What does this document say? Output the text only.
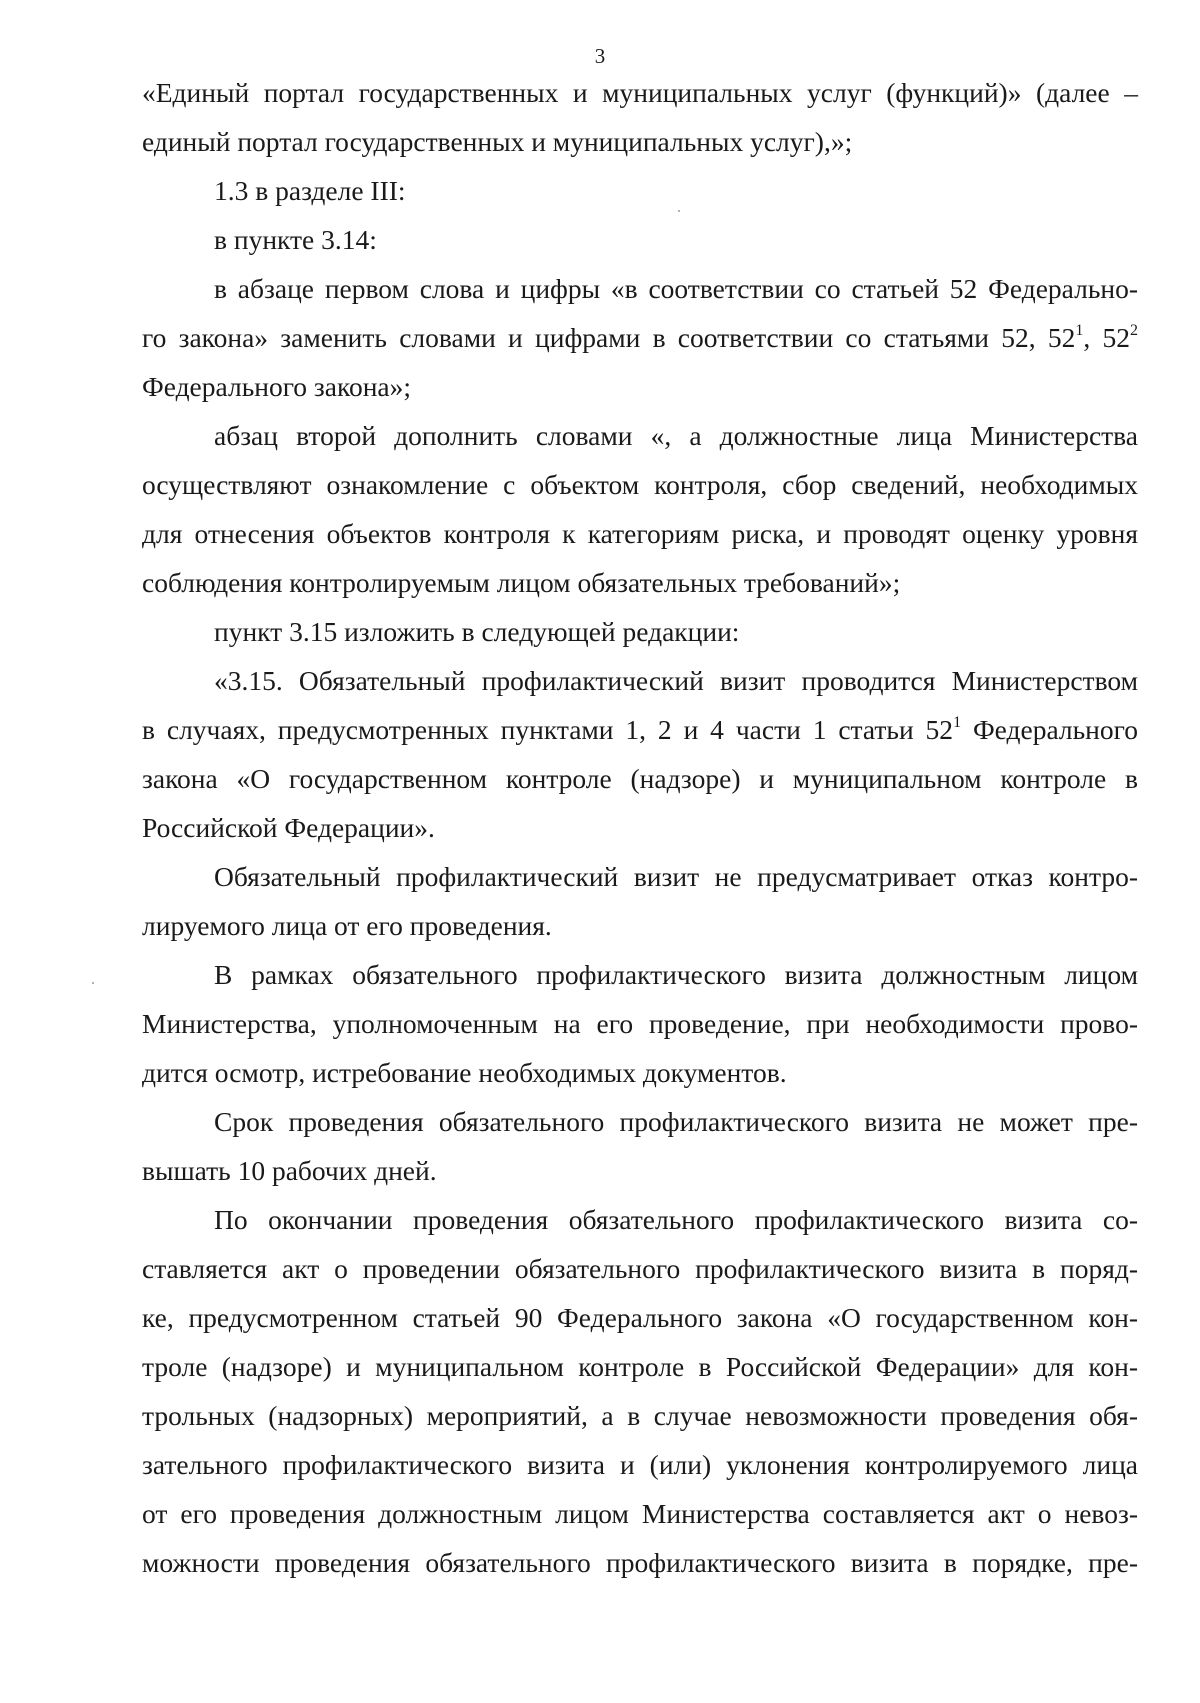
3
«Единый портал государственных и муниципальных услуг (функций)» (далее –
единый портал государственных и муниципальных услуг),»;
1.3 в разделе III:
в пункте 3.14:
в абзаце первом слова и цифры «в соответствии со статьей 52 Федерально-
го закона» заменить словами и цифрами в соответствии со статьями 52, $52^1$, $52^2$
Федерального закона»;
абзац второй дополнить словами «, а должностные лица Министерства
осуществляют ознакомление с объектом контроля, сбор сведений, необходимых
для отнесения объектов контроля к категориям риска, и проводят оценку уровня
соблюдения контролируемым лицом обязательных требований»;
пункт 3.15 изложить в следующей редакции:
«3.15. Обязательный профилактический визит проводится Министерством
в случаях, предусмотренных пунктами 1, 2 и 4 части 1 статьи $52^1$ Федерального
закона «О государственном контроле (надзоре) и муниципальном контроле в
Российской Федерации».
Обязательный профилактический визит не предусматривает отказ контро-
лируемого лица от его проведения.
В рамках обязательного профилактического визита должностным лицом
Министерства, уполномоченным на его проведение, при необходимости прово-
дится осмотр, истребование необходимых документов.
Срок проведения обязательного профилактического визита не может пре-
вышать 10 рабочих дней.
По окончании проведения обязательного профилактического визита со-
ставляется акт о проведении обязательного профилактического визита в поряд-
ке, предусмотренном статьей 90 Федерального закона «О государственном кон-
троле (надзоре) и муниципальном контроле в Российской Федерации» для кон-
трольных (надзорных) мероприятий, а в случае невозможности проведения обя-
зательного профилактического визита и (или) уклонения контролируемого лица
от его проведения должностным лицом Министерства составляется акт о невоз-
можности проведения обязательного профилактического визита в порядке, пре-
